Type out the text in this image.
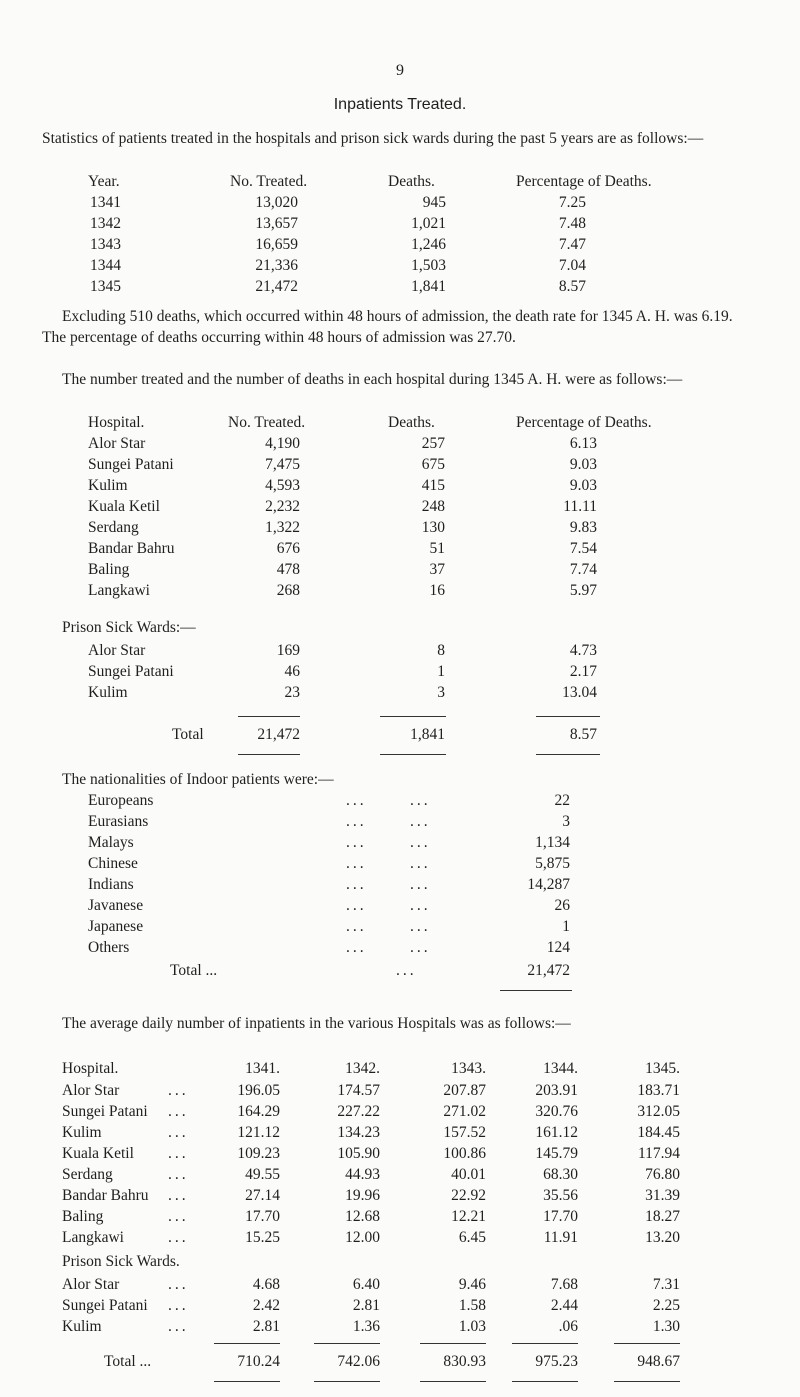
9
Inpatients Treated.
Statistics of patients treated in the hospitals and prison sick wards during the past 5 years are as follows:—
Year.	No. Treated.	Deaths.	Percentage of Deaths.
1341	13,020	945	7.25
1342	13,657	1,021	7.48
1343	16,659	1,246	7.47
1344	21,336	1,503	7.04
1345	21,472	1,841	8.57
Excluding 510 deaths, which occurred within 48 hours of admission, the death rate for 1345 A. H. was 6.19. The percentage of deaths occurring within 48 hours of admission was 27.70.
The number treated and the number of deaths in each hospital during 1345 A. H. were as follows:—
Hospital.	No. Treated.	Deaths.	Percentage of Deaths.
Alor Star	4,190	257	6.13
Sungei Patani	7,475	675	9.03
Kulim	4,593	415	9.03
Kuala Ketil	2,232	248	11.11
Serdang	1,322	130	9.83
Bandar Bahru	676	51	7.54
Baling	478	37	7.74
Langkawi	268	16	5.97
Prison Sick Wards:—
Alor Star	169	8	4.73
Sungei Patani	46	1	2.17
Kulim	23	3	13.04
Total	21,472	1,841	8.57
The nationalities of Indoor patients were:—
Europeans	...	...	22
Eurasians	...	...	3
Malays	...	...	1,134
Chinese	...	...	5,875
Indians	...	...	14,287
Javanese	...	...	26
Japanese	...	...	1
Others	...	...	124
Total ...	...	21,472
The average daily number of inpatients in the various Hospitals was as follows:—
Hospital.	1341.	1342.	1343.	1344.	1345.
Alor Star	...	196.05	174.57	207.87	203.91	183.71
Sungei Patani ...	164.29	227.22	271.02	320.76	312.05
Kulim	...	121.12	134.23	157.52	161.12	184.45
Kuala Ketil ...	109.23	105.90	100.86	145.79	117.94
Serdang	...	49.55	44.93	40.01	68.30	76.80
Bandar Bahru ...	27.14	19.96	22.92	35.56	31.39
Baling	...	17.70	12.68	12.21	17.70	18.27
Langkawi	...	15.25	12.00	6.45	11.91	13.20
Prison Sick Wards.
Alor Star	...	4.68	6.40	9.46	7.68	7.31
Sungei Patani ...	2.42	2.81	1.58	2.44	2.25
Kulim	...	2.81	1.36	1.03	.06	1.30
Total ...	710.24	742.06	830.93	975.23	948.67
